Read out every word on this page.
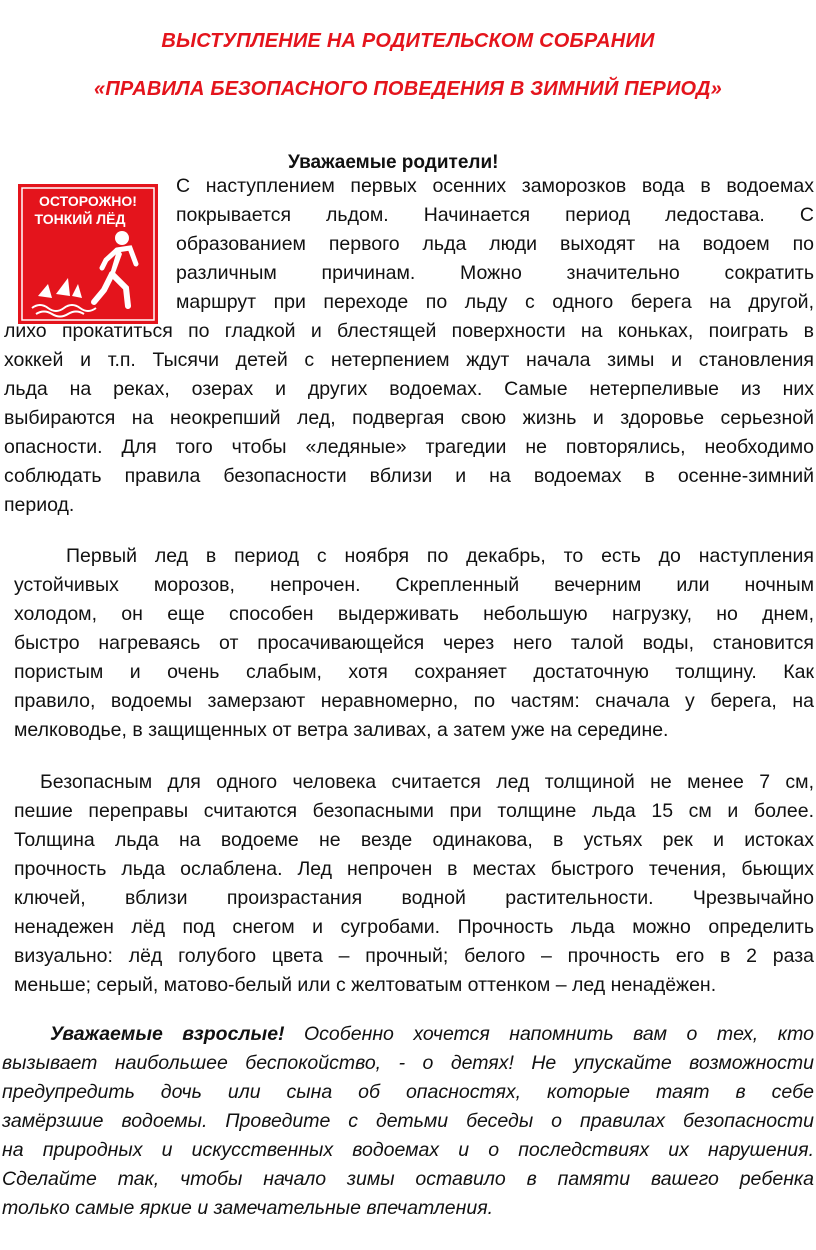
ВЫСТУПЛЕНИЕ НА РОДИТЕЛЬСКОМ СОБРАНИИ
«ПРАВИЛА БЕЗОПАСНОГО ПОВЕДЕНИЯ В ЗИМНИЙ ПЕРИОД»

Уважаемые родители!

ОСТОРОЖНО!
ТОНКИЙ ЛЁД
С наступлением первых осенних заморозков вода в водоемах
покрывается льдом. Начинается период ледостава. С
образованием первого льда люди выходят на водоем по
различным причинам. Можно значительно сократить
маршрут при переходе по льду с одного берега на другой,
лихо прокатиться по гладкой и блестящей поверхности на коньках, поиграть в
хоккей и т.п. Тысячи детей с нетерпением ждут начала зимы и становления
льда на реках, озерах и других водоемах. Самые нетерпеливые из них
выбираются на неокрепший лед, подвергая свою жизнь и здоровье серьезной
опасности. Для того чтобы «ледяные» трагедии не повторялись, необходимо
соблюдать правила безопасности вблизи и на водоемах в осенне-зимний
период.
Первый лед в период с ноября по декабрь, то есть до наступления
устойчивых морозов, непрочен. Скрепленный вечерним или ночным
холодом, он еще способен выдерживать небольшую нагрузку, но днем,
быстро нагреваясь от просачивающейся через него талой воды, становится
пористым и очень слабым, хотя сохраняет достаточную толщину. Как
правило, водоемы замерзают неравномерно, по частям: сначала у берега, на
мелководье, в защищенных от ветра заливах, а затем уже на середине.
Безопасным для одного человека считается лед толщиной не менее 7 см,
пешие переправы считаются безопасными при толщине льда 15 см и более.
Толщина льда на водоеме не везде одинакова, в устьях рек и истоках
прочность льда ослаблена. Лед непрочен в местах быстрого течения, бьющих
ключей, вблизи произрастания водной растительности. Чрезвычайно
ненадежен лёд под снегом и сугробами. Прочность льда можно определить
визуально: лёд голубого цвета – прочный; белого – прочность его в 2 раза
меньше; серый, матово-белый или с желтоватым оттенком – лед ненадёжен.
Уважаемые взрослые! Особенно хочется напомнить вам о тех, кто
вызывает наибольшее беспокойство, - о детях! Не упускайте возможности
предупредить дочь или сына об опасностях, которые таят в себе
замёрзшие водоемы. Проведите с детьми беседы о правилах безопасности
на природных и искусственных водоемах и о последствиях их нарушения.
Сделайте так, чтобы начало зимы оставило в памяти вашего ребенка
только самые яркие и замечательные впечатления.
